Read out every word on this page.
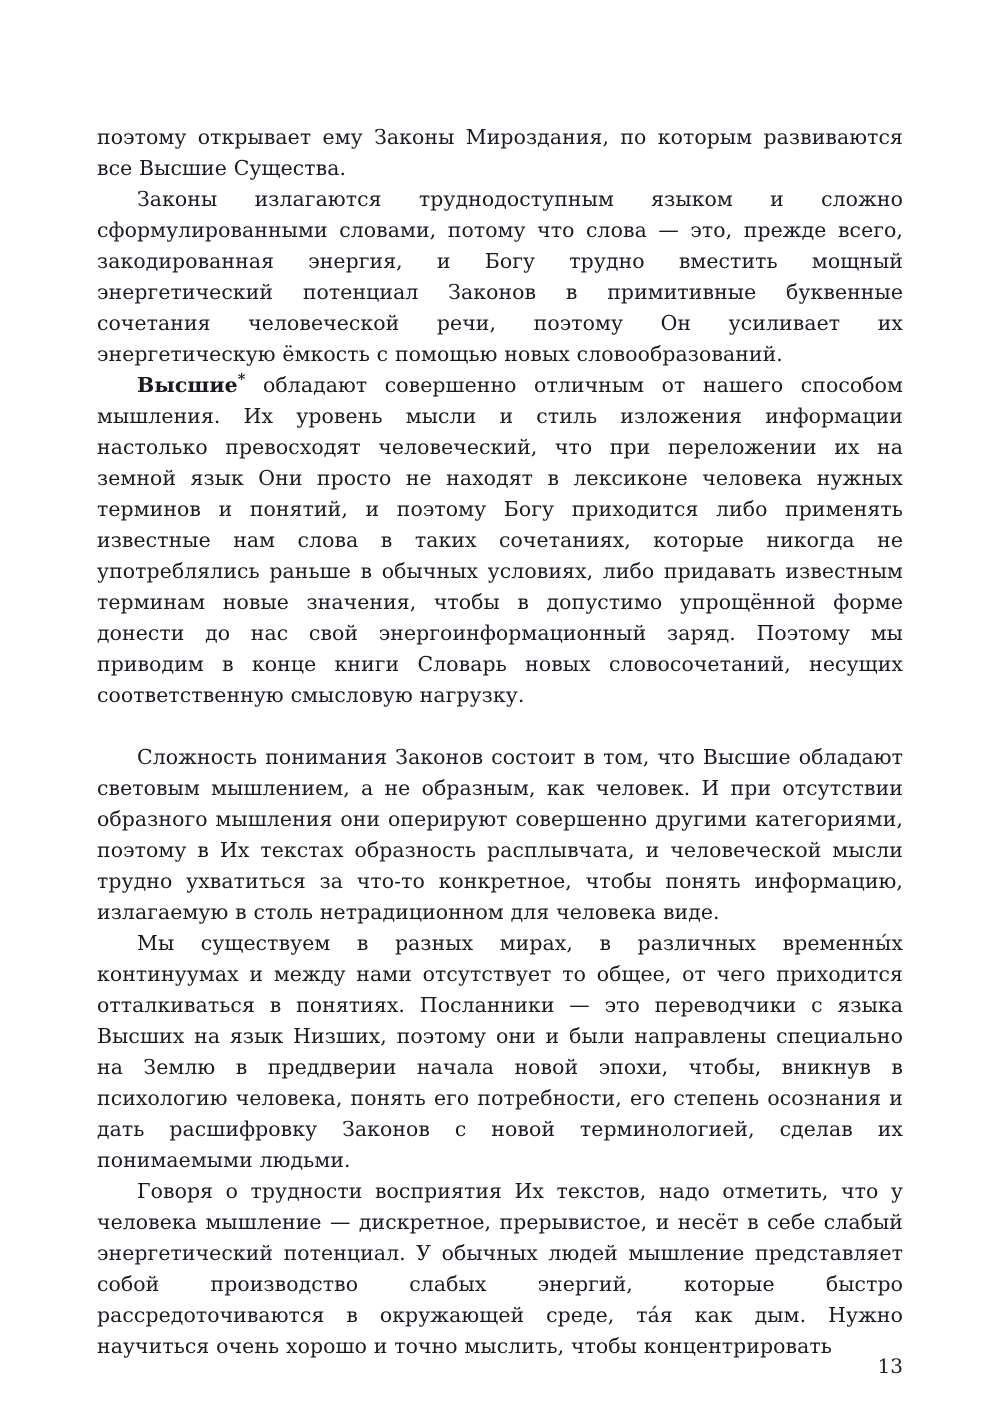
поэтому открывает ему Законы Мироздания, по которым развиваются все Высшие Существа.

Законы излагаются труднодоступным языком и сложно сформулированными словами, потому что слова — это, прежде всего, закодированная энергия, и Богу трудно вместить мощный энергетический потенциал Законов в примитивные буквенные сочетания человеческой речи, поэтому Он усиливает их энергетическую ёмкость с помощью новых словообразований.

Высшие* обладают совершенно отличным от нашего способом мышления. Их уровень мысли и стиль изложения информации настолько превосходят человеческий, что при переложении их на земной язык Они просто не находят в лексиконе человека нужных терминов и понятий, и поэтому Богу приходится либо применять известные нам слова в таких сочетаниях, которые никогда не употреблялись раньше в обычных условиях, либо придавать известным терминам новые значения, чтобы в допустимо упрощённой форме донести до нас свой энергоинформационный заряд. Поэтому мы приводим в конце книги Словарь новых словосочетаний, несущих соответственную смысловую нагрузку.

Сложность понимания Законов состоит в том, что Высшие обладают световым мышлением, а не образным, как человек. И при отсутствии образного мышления они оперируют совершенно другими категориями, поэтому в Их текстах образность расплывчата, и человеческой мысли трудно ухватиться за что-то конкретное, чтобы понять информацию, излагаемую в столь нетрадиционном для человека виде.

Мы существуем в разных мирах, в различных временны́х континуумах и между нами отсутствует то общее, от чего приходится отталкиваться в понятиях. Посланники — это переводчики с языка Высших на язык Низших, поэтому они и были направлены специально на Землю в преддверии начала новой эпохи, чтобы, вникнув в психологию человека, понять его потребности, его степень осознания и дать расшифровку Законов с новой терминологией, сделав их понимаемыми людьми.

Говоря о трудности восприятия Их текстов, надо отметить, что у человека мышление — дискретное, прерывистое, и несёт в себе слабый энергетический потенциал. У обычных людей мышление представляет собой производство слабых энергий, которые быстро рассредоточиваются в окружающей среде, та́я как дым. Нужно научиться очень хорошо и точно мыслить, чтобы концентрировать

13
